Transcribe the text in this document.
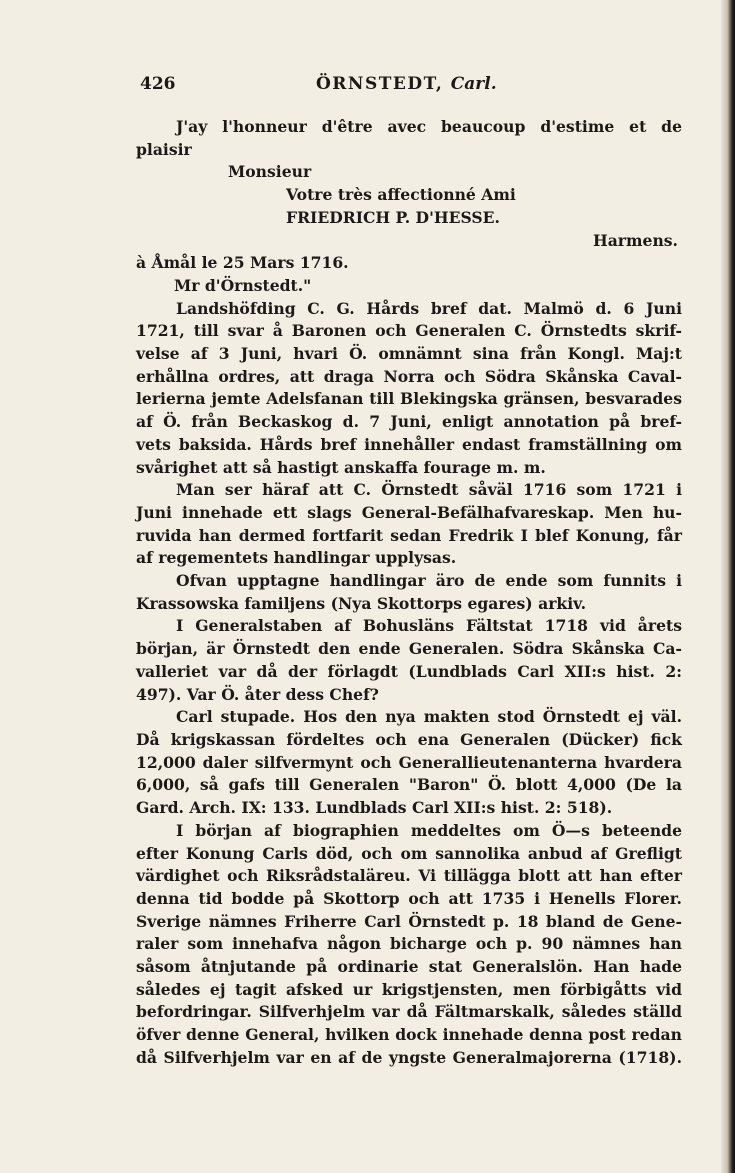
426	ÖRNSTEDT, Carl.
J'ay l'honneur d'être avec beaucoup d'estime et de
plaisir
Monsieur
Votre très affectionné Ami
FRIEDRICH P. D'HESSE.
Harmens.
à Åmål le 25 Mars 1716.
Mr d'Örnstedt."
Landshöfding C. G. Hårds bref dat. Malmö d. 6 Juni
1721, till svar å Baronen och Generalen C. Örnstedts skrif-
velse af 3 Juni, hvari Ö. omnämnt sina från Kongl. Maj:t
erhållna ordres, att draga Norra och Södra Skånska Caval-
lerierna jemte Adelsfanan till Blekingska gränsen, besvarades
af Ö. från Beckaskog d. 7 Juni, enligt annotation på bref-
vets baksida. Hårds bref innehåller endast framställning om
svårighet att så hastigt anskaffa fourage m. m.
Man ser häraf att C. Örnstedt såväl 1716 som 1721 i
Juni innehade ett slags General-Befälhafvareskap. Men hu-
ruvida han dermed fortfarit sedan Fredrik I blef Konung, får
af regementets handlingar upplysas.
Ofvan upptagne handlingar äro de ende som funnits i
Krassowska familjens (Nya Skottorps egares) arkiv.
I Generalstaben af Bohusläns Fältstat 1718 vid årets
början, är Örnstedt den ende Generalen. Södra Skånska Ca-
valleriet var då der förlagdt (Lundblads Carl XII:s hist. 2:
497). Var Ö. åter dess Chef?
Carl stupade. Hos den nya makten stod Örnstedt ej väl.
Då krigskassan fördeltes och ena Generalen (Dücker) fick
12,000 daler silfvermynt och Generallieutenanterna hvardera
6,000, så gafs till Generalen "Baron" Ö. blott 4,000 (De la
Gard. Arch. IX: 133. Lundblads Carl XII:s hist. 2: 518).
I början af biographien meddeltes om Ö—s beteende
efter Konung Carls död, och om sannolika anbud af Grefligt
värdighet och Riksrådstaläreu. Vi tillägga blott att han efter
denna tid bodde på Skottorp och att 1735 i Henells Florer.
Sverige nämnes Friherre Carl Örnstedt p. 18 bland de Gene-
raler som innehafva någon bicharge och p. 90 nämnes han
såsom åtnjutande på ordinarie stat Generalslön. Han hade
således ej tagit afsked ur krigstjensten, men förbigåtts vid
befordringar. Silfverhjelm var då Fältmarskalk, således ställd
öfver denne General, hvilken dock innehade denna post redan
då Silfverhjelm var en af de yngste Generalmajorerna (1718).
